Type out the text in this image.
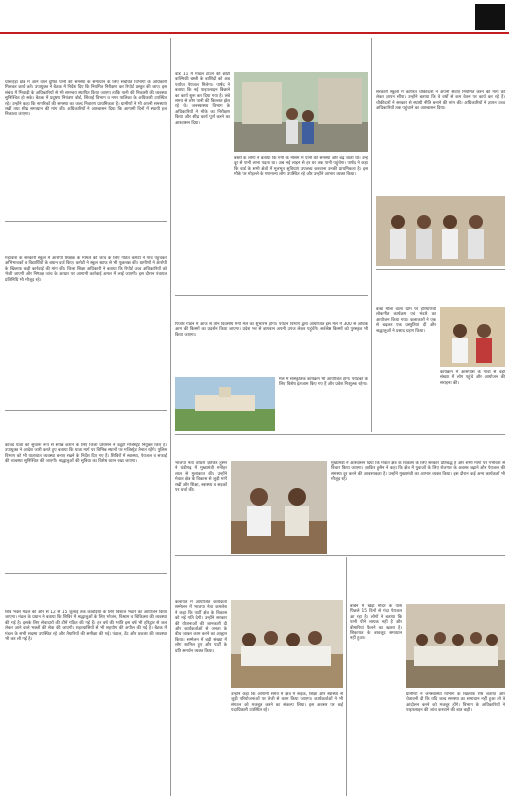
धारूहेड़ा क्षेत्र में आने वाले दूषित पानी की समस्या के समाधान के लिए संबंधित विभागों के अधिकारी मिलकर कार्य करें। उपायुक्त ने बैठक में निर्देश दिए कि नियमित निरीक्षण कर रिपोर्ट प्रस्तुत की जाए। इस संबंध में भिवाड़ी के अधिकारियों से भी समन्वय स्थापित किया जाएगा ताकि पानी की निकासी की व्यवस्था सुनिश्चित हो सके। बैठक में प्रदूषण नियंत्रण बोर्ड, सिंचाई विभाग व नगर पालिका के अधिकारी उपस्थित रहे। उन्होंने कहा कि नागरिकों की समस्या का जल्द निवारण प्राथमिकता है। ग्रामीणों ने भी अपनी समस्याएं रखीं तथा शीघ्र समाधान की मांग की। अधिकारियों ने आश्वासन दिया कि आगामी दिनों में स्थायी हल निकाला जाएगा।
महावारा के सरकारी स्कूल में आरोपी शिक्षक के मामले की जांच के लिए गठित कमेटी ने गांव पहुंचकर अभिभावकों व विद्यार्थियों के बयान दर्ज किए। कमेटी ने स्कूल स्टाफ से भी पूछताछ की। ग्रामीणों ने आरोपी के खिलाफ कड़ी कार्रवाई की मांग की। जिला शिक्षा अधिकारी ने बताया कि रिपोर्ट उच्च अधिकारियों को भेजी जाएगी और निष्पक्ष जांच के आधार पर आगामी कार्रवाई अमल में लाई जाएगी। इस दौरान पंचायत प्रतिनिधि भी मौजूद रहे।
कांवड यात्रा को सुचारू रूप से संपन्न कराने के लिए जिला प्रशासन ने ड्यूटी मजिस्ट्रेट नियुक्त किए हैं। उपायुक्त ने आदेश जारी करते हुए बताया कि यात्रा मार्ग पर विभिन्न स्थानों पर मजिस्ट्रेट तैनात रहेंगे। पुलिस विभाग को भी यातायात व्यवस्था बनाए रखने के निर्देश दिए गए हैं। शिविरों में स्वास्थ्य, पेयजल व सफाई की व्यवस्था सुनिश्चित की जाएगी। श्रद्धालुओं की सुविधा का विशेष ध्यान रखा जाएगा।
शिव भक्त मंडल की ओर से 12 से 15 जुलाई तक कांवड़ियों के लिए विशाल भंडारे का आयोजन किया जाएगा। मंडल के प्रधान ने बताया कि शिविर में श्रद्धालुओं के लिए भोजन, विश्राम व चिकित्सा की व्यवस्था की गई है। इसके लिए सेवादारों की टीमें गठित की गई हैं। हर वर्ष की भांति इस वर्ष भी हरिद्वार से जल लेकर आने वाले भक्तों की सेवा की जाएगी। शहरवासियों से भी सहयोग की अपील की गई है। बैठक में मंडल के सभी सदस्य उपस्थित रहे और तैयारियों की समीक्षा की गई। पंडाल, टेंट और प्रकाश की व्यवस्था भी कर ली गई है।
वार्ड 11 में मॉडल टाउन की छोटी वाल्मिकी बस्ती के बाशिंदों को अब पर्याप्त पेयजल मिलेगा। पार्षद ने बताया कि नई पाइपलाइन बिछाने का कार्य शुरू कर दिया गया है। लंबे समय से लोग पानी की किल्लत झेल रहे थे। जनस्वास्थ्य विभाग के अधिकारियों ने मौके का निरीक्षण किया और शीघ्र कार्य पूर्ण करने का आश्वासन दिया।
बस्ती के लोगों ने बताया कि गर्मी के मौसम में पानी की समस्या और बढ़ जाती थी। उन्हें दूर से पानी लाना पड़ता था। अब नई लाइन से हर घर तक पानी पहुंचेगा। पार्षद ने कहा कि वार्ड के सभी क्षेत्रों में मूलभूत सुविधाएं उपलब्ध करवाना उनकी प्राथमिकता है। इस मौके पर मोहल्ले के गणमान्य लोग उपस्थित रहे और उन्होंने आभार व्यक्त किया।
पिंजौर गार्डन में आज से तीन दिवसीय मैंगो मेले का शुभारंभ होगा। पर्यटन विभाग द्वारा आयोजित इस मेले में 300 से अधिक आम की किस्मों का प्रदर्शन किया जाएगा। प्रदेश भर से बागवान अपनी उपज लेकर पहुंचेंगे। सर्वश्रेष्ठ किस्मों को पुरस्कृत भी किया जाएगा।
मेले में सांस्कृतिक कार्यक्रम भी आयोजित होंगे। पर्यटकों के लिए विशेष इंतजाम किए गए हैं और प्रवेश निःशुल्क रहेगा।
भाजपा नेता चौधरी ज़ाकिर हुसैन ने चंडीगढ़ में मुख्यमंत्री मनोहर लाल से मुलाकात की। उन्होंने मेवात क्षेत्र के विकास से जुड़ी मांगें रखीं और शिक्षा, स्वास्थ्य व सड़कों पर चर्चा की।
मुख्यमंत्री ने आश्वासन दिया कि मेवात क्षेत्र के विकास के लिए सरकार प्रतिबद्ध है और सभी मांगों पर गंभीरता से विचार किया जाएगा। ज़ाकिर हुसैन ने कहा कि क्षेत्र में युवाओं के लिए रोजगार के अवसर बढ़ाने और पेयजल की समस्या दूर करने की आवश्यकता है। उन्होंने मुख्यमंत्री का आभार व्यक्त किया। इस दौरान कई अन्य कार्यकर्ता भी मौजूद रहे।
कलायत में आयोजित कार्यकर्ता सम्मेलन में भाजपा नेता कमलेश ने कहा कि पार्टी क्षेत्र के विकास को नई गति देगी। उन्होंने सरकार की योजनाओं की जानकारी दी और कार्यकर्ताओं से जनता के बीच जाकर काम करने का आह्वान किया। सम्मेलन में बड़ी संख्या में लोग शामिल हुए और पार्टी के प्रति समर्थन व्यक्त किया।
उन्होंने कहा कि आगामी समय में क्षेत्र में सड़क, शिक्षा और स्वास्थ्य से जुड़ी परियोजनाओं पर तेजी से काम किया जाएगा। कार्यकर्ताओं ने भी संगठन को मजबूत करने का संकल्प लिया। इस अवसर पर कई पदाधिकारी उपस्थित रहे।
सरकारी स्कूलों में कार्यरत चौकीदारों ने अपनी सेवाएं नियमित करने की मांग को लेकर ज्ञापन सौंपा। उन्होंने बताया कि वे वर्षों से कम वेतन पर कार्य कर रहे हैं। चौकीदारों ने सरकार से स्थायी नीति बनाने की मांग की। अधिकारियों ने ज्ञापन उच्च अधिकारियों तक पहुंचाने का आश्वासन दिया।
बाबा मौला वाला धाम पर हरियाणवी लोकगीत कार्यक्रम एवं भंडारे का आयोजन किया गया। कलाकारों ने एक से बढ़कर एक प्रस्तुतियां दीं और श्रद्धालुओं ने प्रसाद ग्रहण किया।
कार्यक्रम में आसपास के गांवों से बड़ी संख्या में लोग पहुंचे और आयोजन की सराहना की।
बाबैन में खेड़ा मंदिर के पास पिछले 15 दिनों से गंदा पेयजल आ रहा है। लोगों ने बताया कि पानी पीने लायक नहीं है और बीमारियां फैलने का खतरा है। शिकायत के बावजूद समाधान नहीं हुआ।
ग्रामीणों ने जनस्वास्थ्य विभाग के खिलाफ रोष जताया और चेतावनी दी कि यदि जल्द समस्या का समाधान नहीं हुआ तो वे आंदोलन करने को मजबूर होंगे। विभाग के अधिकारियों ने पाइपलाइन की जांच करवाने की बात कही।
